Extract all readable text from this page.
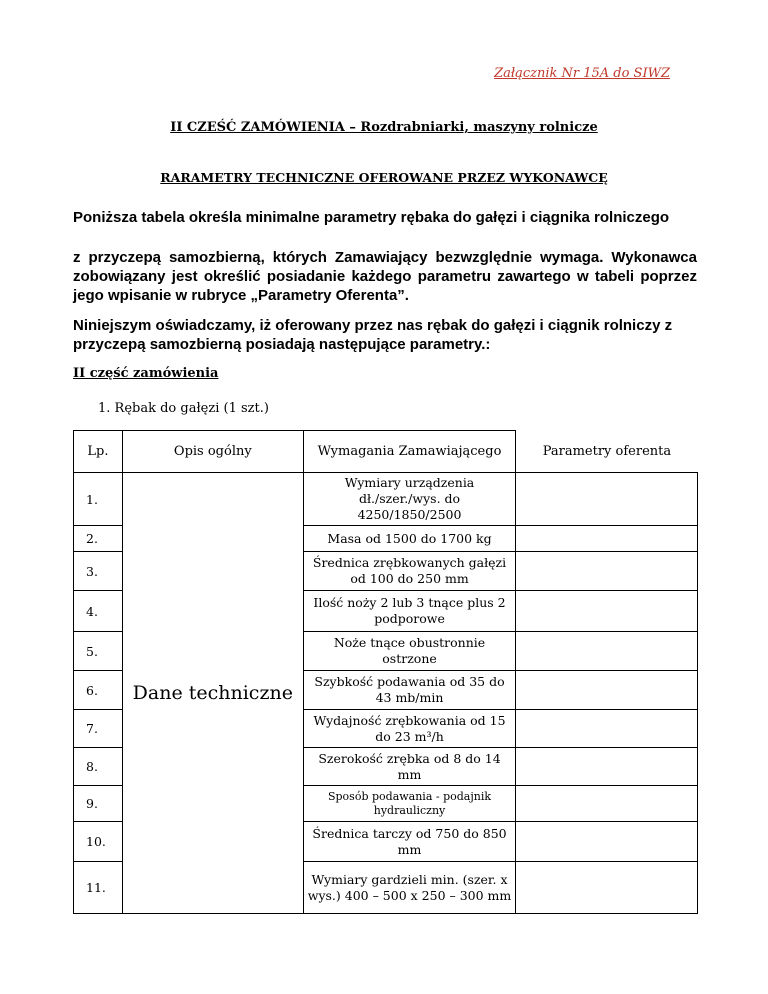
Załącznik Nr 15A do SIWZ
II CZEŚĆ ZAMÓWIENIA – Rozdrabniarki, maszyny rolnicze
RARAMETRY TECHNICZNE OFEROWANE PRZEZ WYKONAWCĘ
Poniższa tabela określa minimalne parametry rębaka do gałęzi i ciągnika rolniczego
z przyczepą samozbierną, których Zamawiający bezwzględnie wymaga. Wykonawca zobowiązany jest określić posiadanie każdego parametru zawartego w tabeli poprzez jego wpisanie w rubryce „Parametry Oferenta”.
Niniejszym oświadczamy, iż oferowany przez nas rębak do gałęzi i ciągnik rolniczy z przyczepą samozbierną posiadają następujące parametry.:
II część zamówienia
1. Rębak do gałęzi (1 szt.)
Lp.	Opis ogólny	Wymagania Zamawiającego	Parametry oferenta
1.	Dane techniczne	Wymiary urządzenia dł./szer./wys. do 4250/1850/2500	
2.		Masa od 1500 do 1700 kg	
3.		Średnica zrębkowanych gałęzi od 100 do 250 mm	
4.		Ilość noży 2 lub 3 tnące plus 2 podporowe	
5.		Noże tnące obustronnie ostrzone	
6.		Szybkość podawania od 35 do 43 mb/min	
7.		Wydajność zrębkowania od 15 do 23 m³/h	
8.		Szerokość zrębka od 8 do 14 mm	
9.		Sposób podawania - podajnik hydrauliczny	
10.		Średnica tarczy od 750 do 850 mm	
11.		Wymiary gardzieli min. (szer. x wys.) 400 – 500 x 250 – 300 mm	
